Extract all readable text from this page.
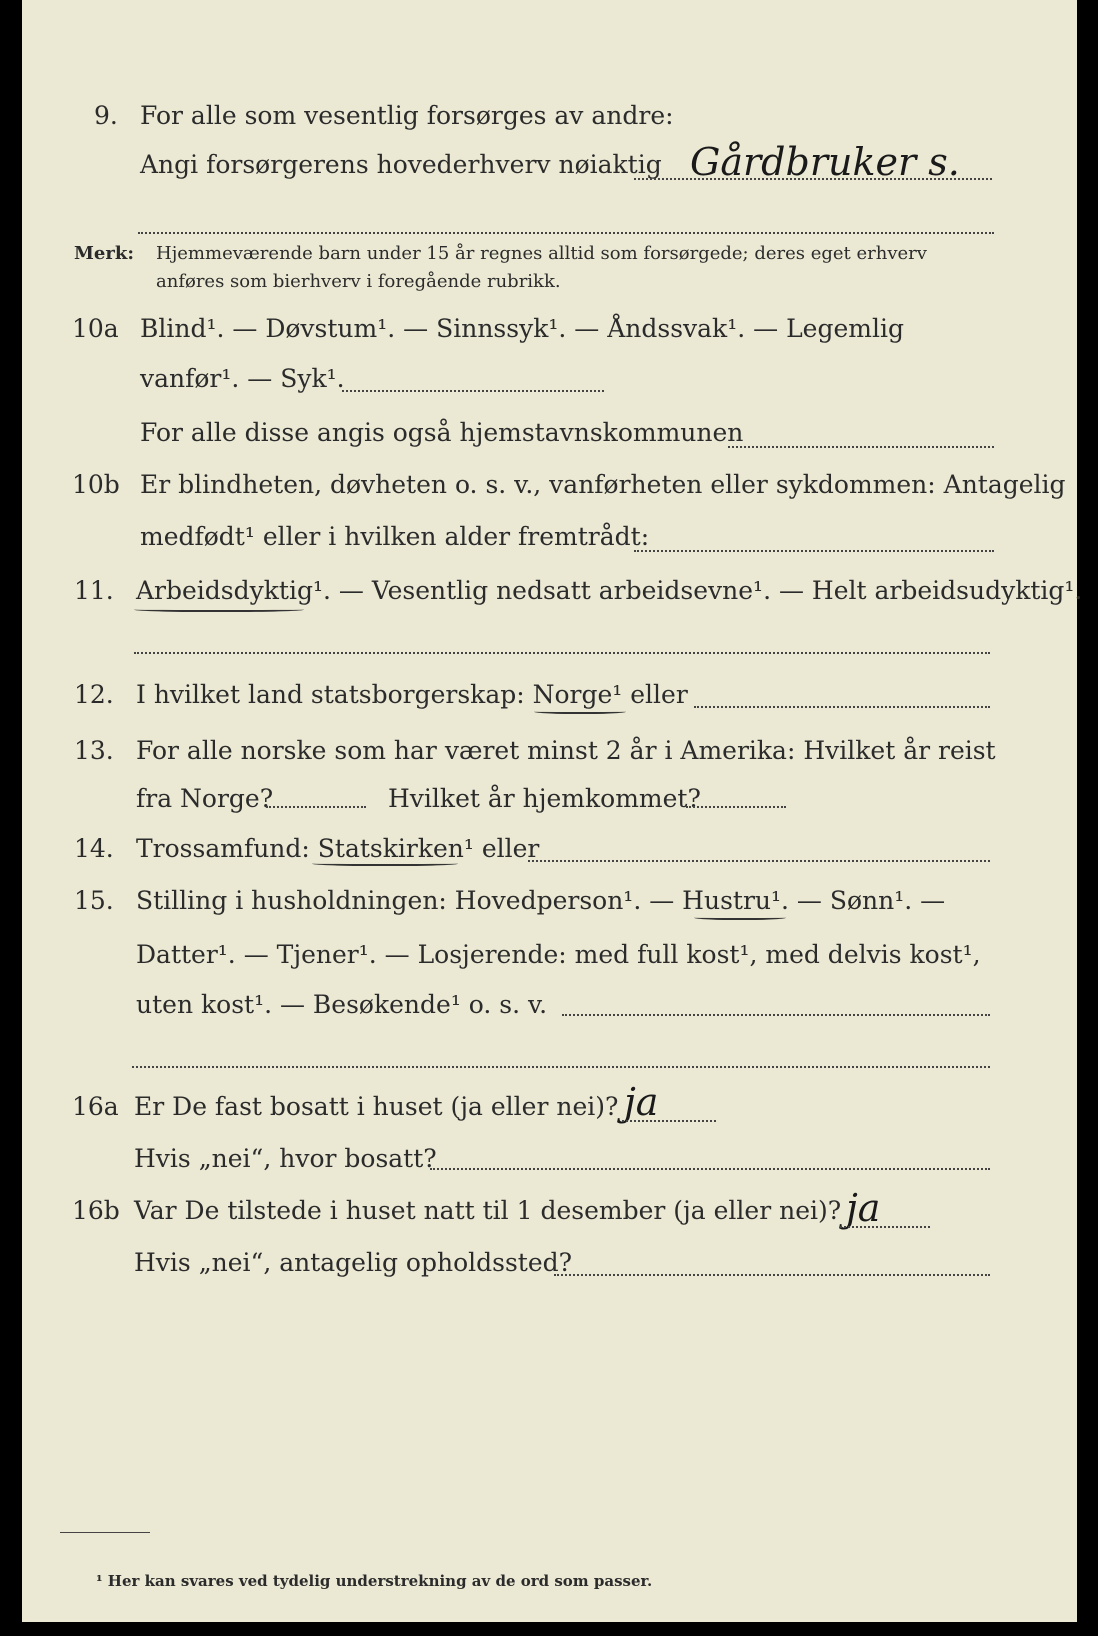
9. For alle som vesentlig forsørges av andre:
Angi forsørgerens hovederhverv nøiaktig Gårdbruker s.
Merk: Hjemmeværende barn under 15 år regnes alltid som forsørgede; deres eget erhverv
anføres som bierhverv i foregående rubrikk.
10a Blind¹. — Døvstum¹. — Sinnssyk¹. — Åndssvak¹. — Legemlig
vanfør¹. — Syk¹.
For alle disse angis også hjemstavnskommunen
10b Er blindheten, døvheten o. s. v., vanførheten eller sykdommen: Antagelig
medfødt¹ eller i hvilken alder fremtrådt:
11. Arbeidsdyktig¹. — Vesentlig nedsatt arbeidsevne¹. — Helt arbeidsudyktig¹.
12. I hvilket land statsborgerskap: Norge¹ eller
13. For alle norske som har været minst 2 år i Amerika: Hvilket år reist
fra Norge?	Hvilket år hjemkommet?
14. Trossamfund: Statskirken¹ eller
15. Stilling i husholdningen: Hovedperson¹. — Hustru¹. — Sønn¹. —
Datter¹. — Tjener¹. — Losjerende: med full kost¹, med delvis kost¹,
uten kost¹. — Besøkende¹ o. s. v.
16a Er De fast bosatt i huset (ja eller nei)? ja
Hvis „nei“, hvor bosatt?
16b Var De tilstede i huset natt til 1 desember (ja eller nei)? ja
Hvis „nei“, antagelig opholdssted?
¹ Her kan svares ved tydelig understrekning av de ord som passer.
